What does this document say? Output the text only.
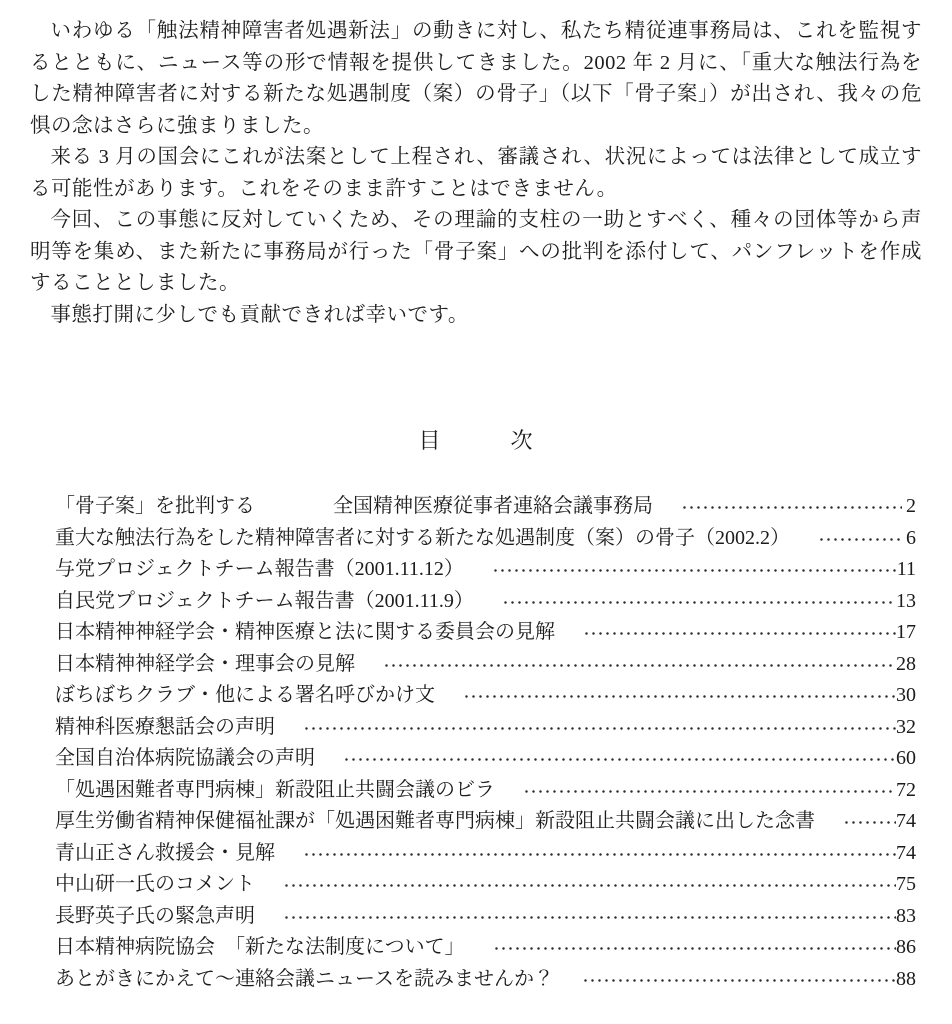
いわゆる「触法精神障害者処遇新法」の動きに対し、私たち精従連事務局は、これを監視するとともに、ニュース等の形で情報を提供してきました。2002 年 2 月に、「重大な触法行為をした精神障害者に対する新たな処遇制度（案）の骨子」（以下「骨子案」）が出され、我々の危惧の念はさらに強まりました。

来る 3 月の国会にこれが法案として上程され、審議され、状況によっては法律として成立する可能性があります。これをそのまま許すことはできません。

今回、この事態に反対していくため、その理論的支柱の一助とすべく、種々の団体等から声明等を集め、また新たに事務局が行った「骨子案」への批判を添付して、パンフレットを作成することとしました。

事態打開に少しでも貢献できれば幸いです。

目　　　次
「骨子案」を批判する	全国精神医療従事者連絡会議事務局	2
重大な触法行為をした精神障害者に対する新たな処遇制度（案）の骨子（2002.2）	6
与党プロジェクトチーム報告書（2001.11.12）	11
自民党プロジェクトチーム報告書（2001.11.9）	13
日本精神神経学会・精神医療と法に関する委員会の見解	17
日本精神神経学会・理事会の見解	28
ぼちぼちクラブ・他による署名呼びかけ文	30
精神科医療懇話会の声明	32
全国自治体病院協議会の声明	60
「処遇困難者専門病棟」新設阻止共闘会議のビラ	72
厚生労働省精神保健福祉課が「処遇困難者専門病棟」新設阻止共闘会議に出した念書	74
青山正さん救援会・見解	74
中山研一氏のコメント	75
長野英子氏の緊急声明	83
日本精神病院協会　「新たな法制度について」	86
あとがきにかえて～連絡会議ニュースを読みませんか？	88
